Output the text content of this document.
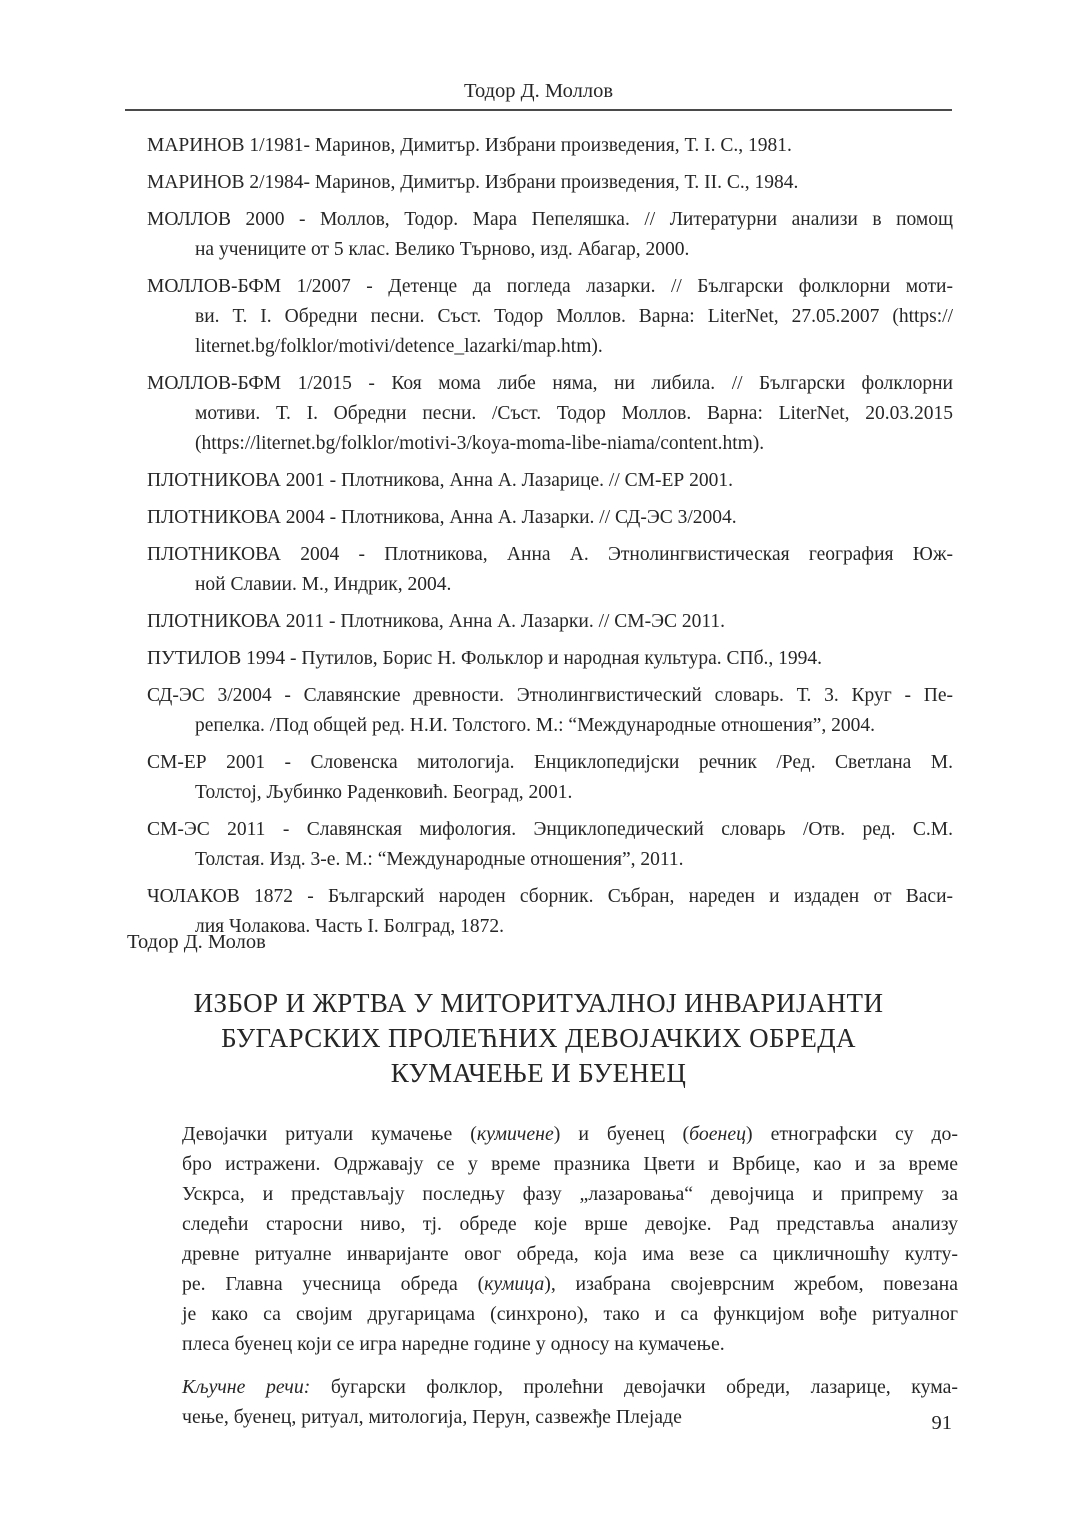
Тодор Д. Моллов
МАРИНОВ 1/1981- Маринов, Димитър. Избрани произведения, Т. I. С., 1981.
МАРИНОВ 2/1984- Маринов, Димитър. Избрани произведения, Т. II. С., 1984.
МОЛЛОВ 2000 - Моллов, Тодор. Мара Пепеляшка. // Литературни анализи в помощ
на учениците от 5 клас. Велико Търново, изд. Абагар, 2000.
МОЛЛОВ-БФМ 1/2007 - Детенце да погледа лазарки. // Български фолклорни моти-
ви. Т. I. Обредни песни. Съст. Тодор Моллов. Варна: LiterNet, 27.05.2007 (https://
liternet.bg/folklor/motivi/detence_lazarki/map.htm).
МОЛЛОВ-БФМ 1/2015 - Коя мома либе няма, ни либила. // Български фолклорни
мотиви. Т. I. Обредни песни. /Съст. Тодор Моллов. Варна: LiterNet, 20.03.2015
(https://liternet.bg/folklor/motivi-3/koya-moma-libe-niama/content.htm).
ПЛОТНИКОВА 2001 - Плотникова, Анна А. Лазарице. // СМ-ЕР 2001.
ПЛОТНИКОВА 2004 - Плотникова, Анна А. Лазарки. // СД-ЭС 3/2004.
ПЛОТНИКОВА 2004 - Плотникова, Анна А. Этнолингвистическая география Юж-
ной Славии. М., Индрик, 2004.
ПЛОТНИКОВА 2011 - Плотникова, Анна А. Лазарки. // СМ-ЭС 2011.
ПУТИЛОВ 1994 - Путилов, Борис Н. Фольклор и народная культура. СПб., 1994.
СД-ЭС 3/2004 - Славянские древности. Этнолингвистический словарь. Т. 3. Круг - Пе-
репелка. /Под общей ред. Н.И. Толстого. М.: “Международные отношения”, 2004.
СМ-ЕР 2001 - Словенска митологија. Енциклопедијски речник /Ред. Светлана М.
Толстој, Љубинко Раденковић. Београд, 2001.
СМ-ЭС 2011 - Славянская мифология. Энциклопедический словарь /Отв. ред. С.М.
Толстая. Изд. 3-е. М.: “Международные отношения”, 2011.
ЧОЛАКОВ 1872 - Българский народен сборник. Събран, нареден и издаден от Васи-
лия Чолакова. Часть I. Болград, 1872.
Тодор Д. Молов
ИЗБОР И ЖРТВА У МИТОРИТУАЛНОЈ ИНВАРИЈАНТИ
БУГАРСКИХ ПРОЛЕЋНИХ ДЕВОЈАЧКИХ ОБРЕДА
КУМАЧЕЊЕ И БУЕНЕЦ
Девојачки ритуали кумачење (кумичене) и буенец (боенец) етнографски су до-
бро истражени. Одржавају се у време празника Цвети и Врбице, као и за време
Ускрса, и представљају последњу фазу „лазаровања“ девојчица и припрему за
следећи старосни ниво, тј. обреде које врше девојке. Рад представља анализу
древне ритуалне инваријанте овог обреда, која има везе са цикличношћу култу-
ре. Главна учесница обреда (кумица), изабрана својеврсним жребом, повезана
је како са својим другарицама (синхроно), тако и са функцијом вође ритуалног
плеса буенец који се игра наредне године у односу на кумачење.
Кључне речи: бугарски фолклор, пролећни девојачки обреди, лазарице, кума-
чење, буенец, ритуал, митологија, Перун, сазвежђе Плејаде	91
